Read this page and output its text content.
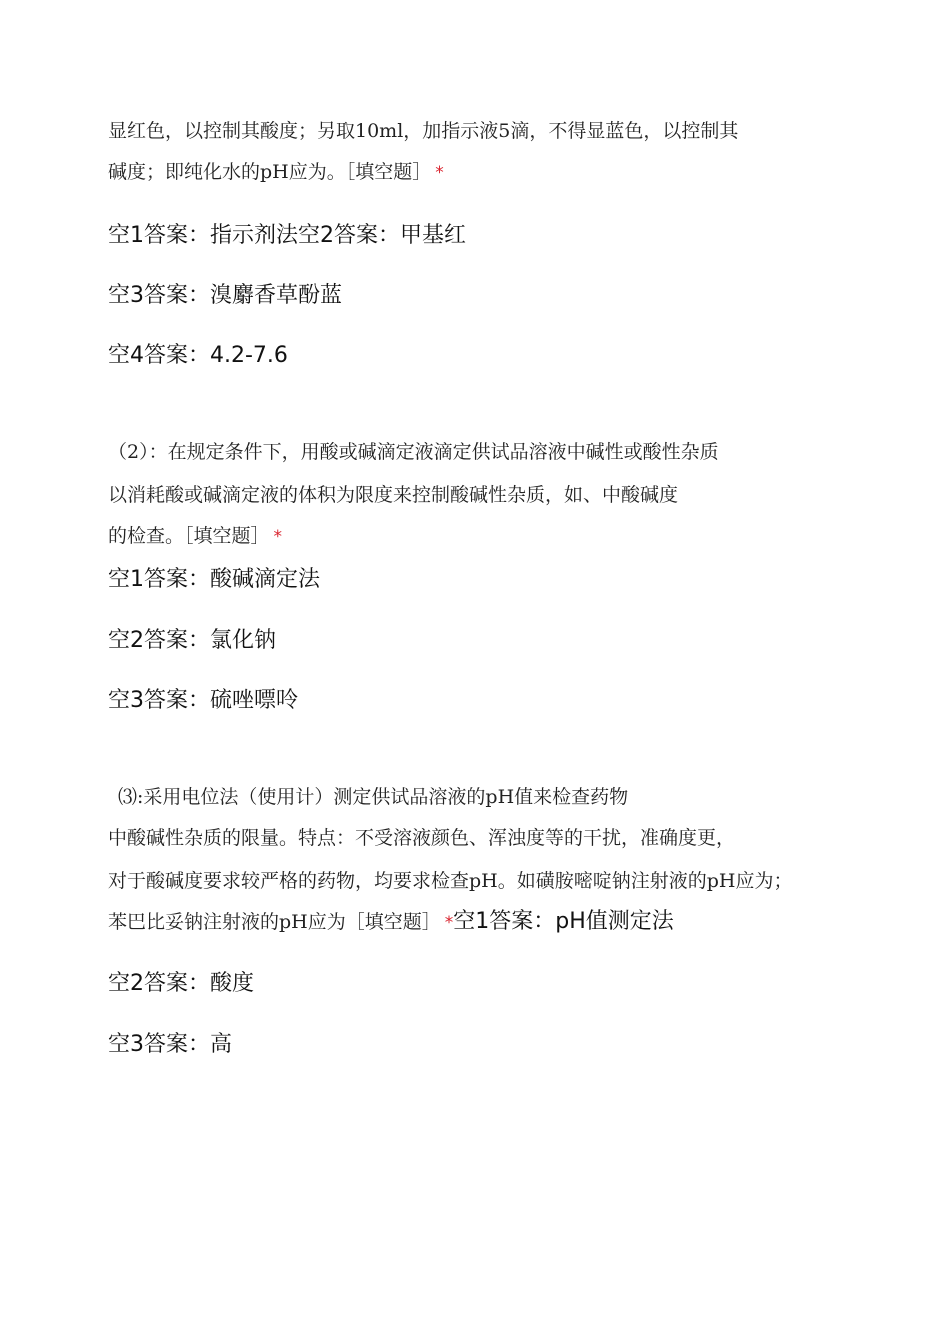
显红色，以控制其酸度；另取10ml，加指示液5滴，不得显蓝色，以控制其
碱度；即纯化水的pH应为。［填空题］ *
空1答案：指示剂法空2答案：甲基红
空3答案：溴麝香草酚蓝
空4答案：4.2-7.6
（2）：在规定条件下，用酸或碱滴定液滴定供试品溶液中碱性或酸性杂质
以消耗酸或碱滴定液的体积为限度来控制酸碱性杂质，如、中酸碱度
的检查。［填空题］ *
空1答案：酸碱滴定法
空2答案：氯化钠
空3答案：硫唑嘌呤
⑶:采用电位法（使用计）测定供试品溶液的pH值来检查药物
中酸碱性杂质的限量。特点：不受溶液颜色、浑浊度等的干扰，准确度更，
对于酸碱度要求较严格的药物，均要求检查pH。如磺胺嘧啶钠注射液的pH应为；
苯巴比妥钠注射液的pH应为［填空题］ *空1答案：pH值测定法
空2答案：酸度
空3答案：高
